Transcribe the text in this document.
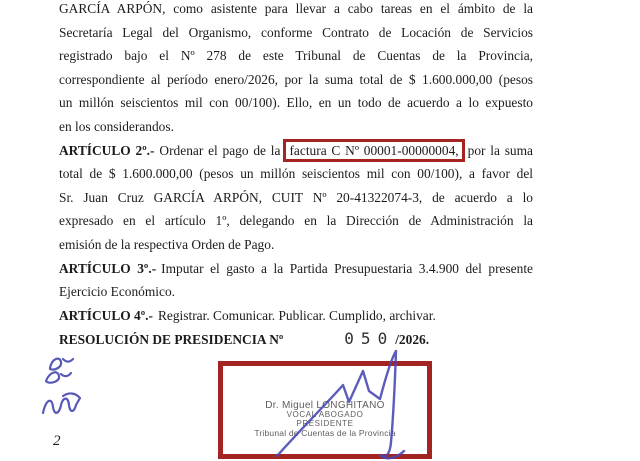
GARCÍA ARPÓN, como asistente para llevar a cabo tareas en el ámbito de la
Secretaría Legal del Organismo, conforme Contrato de Locación de Servicios
registrado bajo el Nº 278 de este Tribunal de Cuentas de la Provincia,
correspondiente al período enero/2026, por la suma total de $ 1.600.000,00 (pesos
un millón seiscientos mil con 00/100). Ello, en un todo de acuerdo a lo expuesto
en los considerandos.
ARTÍCULO 2º.- Ordenar el pago de la factura C Nº 00001-00000004, por la suma
total de $ 1.600.000,00 (pesos un millón seiscientos mil con 00/100), a favor del
Sr. Juan Cruz GARCÍA ARPÓN, CUIT Nº 20-41322074-3, de acuerdo a lo
expresado en el artículo 1º, delegando en la Dirección de Administración la
emisión de la respectiva Orden de Pago.
ARTÍCULO 3º.- Imputar el gasto a la Partida Presupuestaria 3.4.900 del presente
Ejercicio Económico.
ARTÍCULO 4º.- Registrar. Comunicar. Publicar. Cumplido, archivar.
RESOLUCIÓN DE PRESIDENCIA Nº	050/2026.
2
Dr. Miguel LONGHITANO
VOCAL ABOGADO
PRESIDENTE
Tribunal de Cuentas de la Provincia
